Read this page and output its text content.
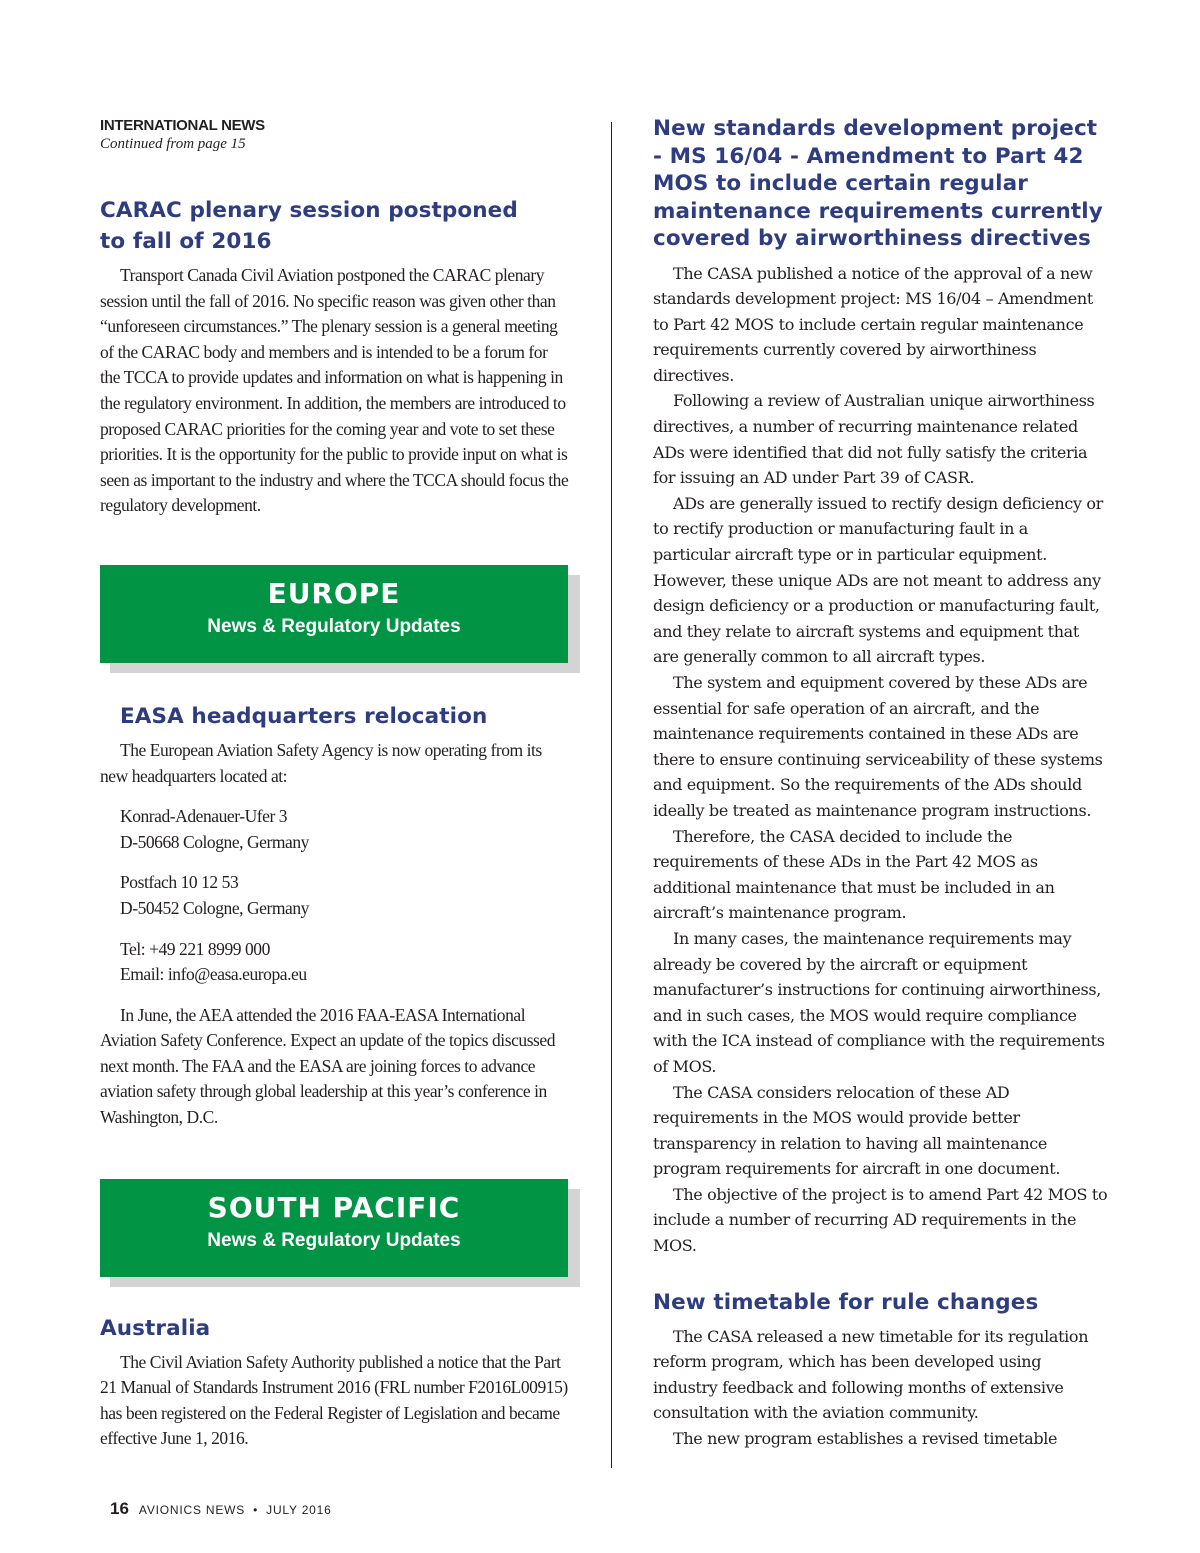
INTERNATIONAL NEWS

Continued from page 15

CARAC plenary session postponed
to fall of 2016

Transport Canada Civil Aviation postponed the CARAC plenary session until the fall of 2016. No specific reason was given other than “unforeseen circumstances.” The plenary session is a general meeting of the CARAC body and members and is intended to be a forum for the TCCA to provide updates and information on what is happening in the regulatory environment. In addition, the members are introduced to proposed CARAC priorities for the coming year and vote to set these priorities. It is the opportunity for the public to provide input on what is seen as important to the industry and where the TCCA should focus the regulatory development.

EUROPE
News & Regulatory Updates
EASA headquarters relocation

The European Aviation Safety Agency is now operating from its new headquarters located at:

Konrad-Adenauer-Ufer 3
D-50668 Cologne, Germany

Postfach 10 12 53
D-50452 Cologne, Germany

Tel: +49 221 8999 000
Email: info@easa.europa.eu

In June, the AEA attended the 2016 FAA-EASA International Aviation Safety Conference. Expect an update of the topics discussed next month. The FAA and the EASA are joining forces to advance aviation safety through global leadership at this year’s conference in Washington, D.C.

SOUTH PACIFIC
News & Regulatory Updates
Australia

The Civil Aviation Safety Authority published a notice that the Part 21 Manual of Standards Instrument 2016 (FRL number F2016L00915) has been registered on the Federal Register of Legislation and became effective June 1, 2016.

New standards development project - MS 16/04 - Amendment to Part 42 MOS to include certain regular maintenance requirements currently covered by airworthiness directives

The CASA published a notice of the approval of a new standards development project: MS 16/04 – Amendment to Part 42 MOS to include certain regular maintenance requirements currently covered by airworthiness directives.

Following a review of Australian unique airworthiness directives, a number of recurring maintenance related ADs were identified that did not fully satisfy the criteria for issuing an AD under Part 39 of CASR.

ADs are generally issued to rectify design deficiency or to rectify production or manufacturing fault in a particular aircraft type or in particular equipment. However, these unique ADs are not meant to address any design deficiency or a production or manufacturing fault, and they relate to aircraft systems and equipment that are generally common to all aircraft types.

The system and equipment covered by these ADs are essential for safe operation of an aircraft, and the maintenance requirements contained in these ADs are there to ensure continuing serviceability of these systems and equipment. So the requirements of the ADs should ideally be treated as maintenance program instructions.

Therefore, the CASA decided to include the requirements of these ADs in the Part 42 MOS as additional maintenance that must be included in an aircraft’s maintenance program.

In many cases, the maintenance requirements may already be covered by the aircraft or equipment manufacturer’s instructions for continuing airworthiness, and in such cases, the MOS would require compliance with the ICA instead of compliance with the requirements of MOS.

The CASA considers relocation of these AD requirements in the MOS would provide better transparency in relation to having all maintenance program requirements for aircraft in one document.

The objective of the project is to amend Part 42 MOS to include a number of recurring AD requirements in the MOS.

New timetable for rule changes

The CASA released a new timetable for its regulation reform program, which has been developed using industry feedback and following months of extensive consultation with the aviation community.

The new program establishes a revised timetable

16 AVIONICS NEWS • JULY 2016
